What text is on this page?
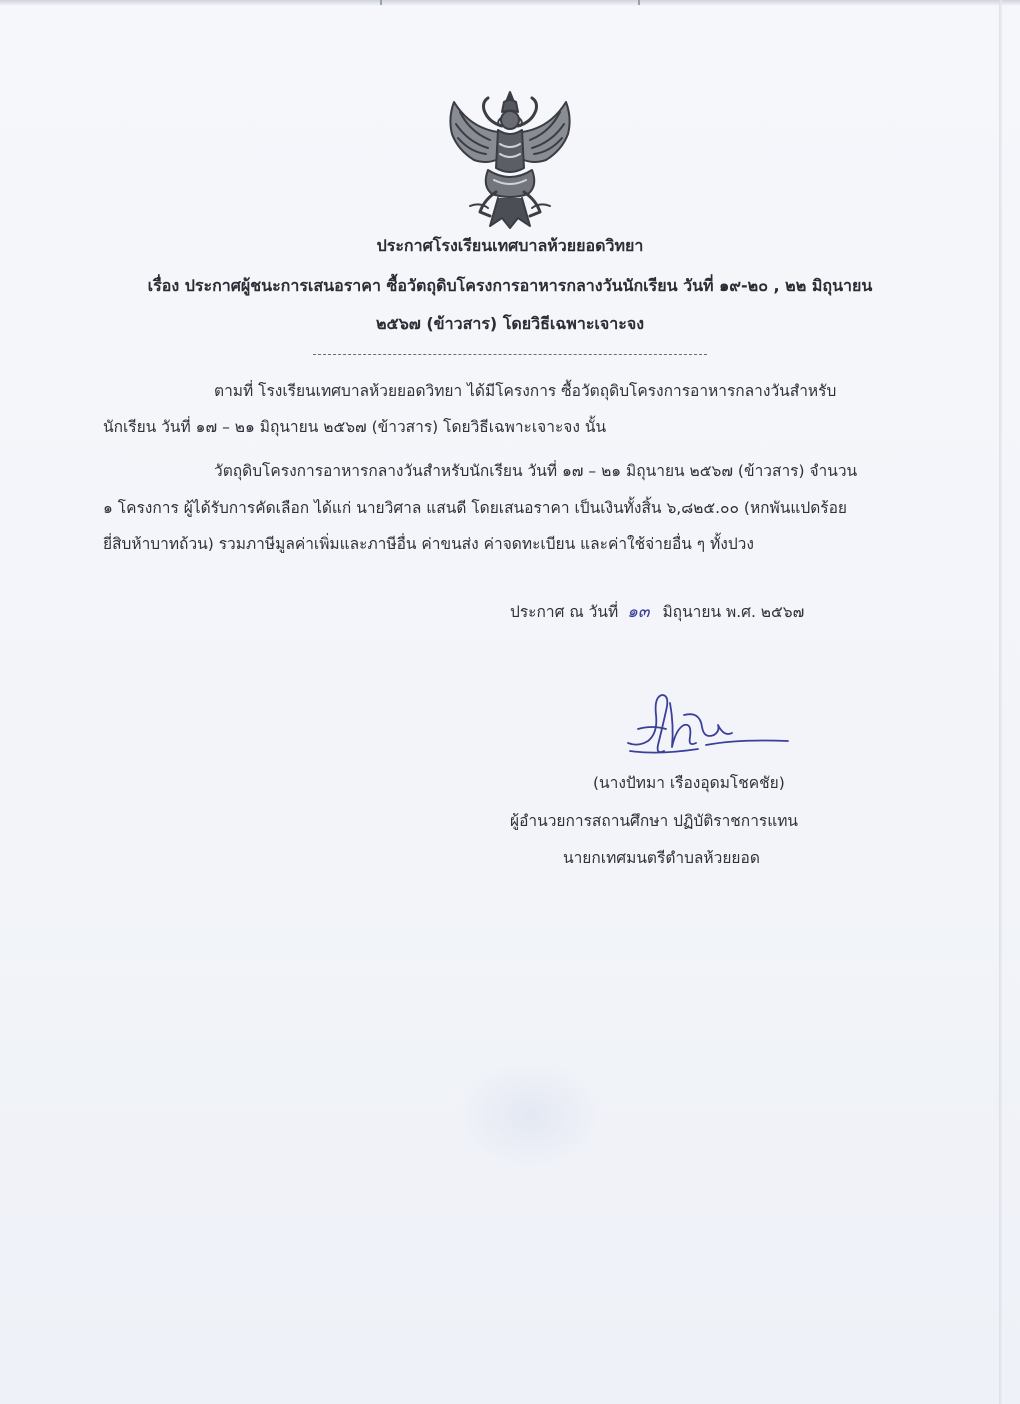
ประกาศโรงเรียนเทศบาลห้วยยอดวิทยา
เรื่อง ประกาศผู้ชนะการเสนอราคา ซื้อวัตถุดิบโครงการอาหารกลางวันนักเรียน วันที่ ๑๙-๒๐ , ๒๒ มิถุนายน
๒๕๖๗ (ข้าวสาร) โดยวิธีเฉพาะเจาะจง
ตามที่ โรงเรียนเทศบาลห้วยยอดวิทยา ได้มีโครงการ ซื้อวัตถุดิบโครงการอาหารกลางวันสำหรับ
นักเรียน วันที่ ๑๗ – ๒๑ มิถุนายน ๒๕๖๗ (ข้าวสาร) โดยวิธีเฉพาะเจาะจง นั้น
วัตถุดิบโครงการอาหารกลางวันสำหรับนักเรียน วันที่ ๑๗ – ๒๑ มิถุนายน ๒๕๖๗ (ข้าวสาร) จำนวน
๑ โครงการ ผู้ได้รับการคัดเลือก ได้แก่ นายวิศาล แสนดี โดยเสนอราคา เป็นเงินทั้งสิ้น ๖,๘๒๕.๐๐ (หกพันแปดร้อย
ยี่สิบห้าบาทถ้วน) รวมภาษีมูลค่าเพิ่มและภาษีอื่น ค่าขนส่ง ค่าจดทะเบียน และค่าใช้จ่ายอื่น ๆ ทั้งปวง
ประกาศ ณ วันที่ ๑๓ มิถุนายน พ.ศ. ๒๕๖๗
(นางปัทมา เรืองอุดมโชคชัย)
ผู้อำนวยการสถานศึกษา ปฏิบัติราชการแทน
นายกเทศมนตรีตำบลห้วยยอด
